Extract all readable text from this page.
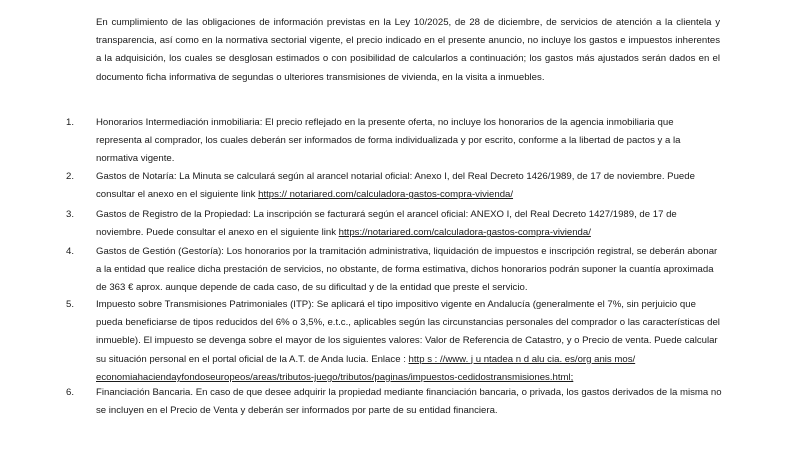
En cumplimiento de las obligaciones de información previstas en la Ley 10/2025, de 28 de diciembre, de servicios de atención a la clientela y transparencia, así como en la normativa sectorial vigente, el precio indicado en el presente anuncio, no incluye los gastos e impuestos inherentes a la adquisición, los cuales se desglosan estimados o con posibilidad de calcularlos a continuación; los gastos más ajustados serán dados en el documento ficha informativa de segundas o ulteriores transmisiones de vivienda, en la visita a inmuebles.

1. Honorarios Intermediación inmobiliaria: El precio reflejado en la presente oferta, no incluye los honorarios de la agencia inmobiliaria que representa al comprador, los cuales deberán ser informados de forma individualizada y por escrito, conforme a la libertad de pactos y a la normativa vigente.

2. Gastos de Notaría: La Minuta se calculará según al arancel notarial oficial: Anexo I, del Real Decreto 1426/1989, de 17 de noviembre. Puede consultar el anexo en el siguiente link https:// notariared.com/calculadora-gastos-compra-vivienda/

3. Gastos de Registro de la Propiedad: La inscripción se facturará según el arancel oficial: ANEXO I, del Real Decreto 1427/1989, de 17 de noviembre. Puede consultar el anexo en el siguiente link https://notariared.com/calculadora-gastos-compra-vivienda/

4. Gastos de Gestión (Gestoría): Los honorarios por la tramitación administrativa, liquidación de impuestos e inscripción registral, se deberán abonar a la entidad que realice dicha prestación de servicios, no obstante, de forma estimativa, dichos honorarios podrán suponer la cuantía aproximada de 363 € aprox. aunque depende de cada caso, de su dificultad y de la entidad que preste el servicio.

5. Impuesto sobre Transmisiones Patrimoniales (ITP): Se aplicará el tipo impositivo vigente en Andalucía (generalmente el 7%, sin perjuicio que pueda beneficiarse de tipos reducidos del 6% o 3,5%, e.t.c., aplicables según las circunstancias personales del comprador o las características del inmueble). El impuesto se devenga sobre el mayor de los siguientes valores: Valor de Referencia de Catastro, y o Precio de venta. Puede calcular su situación personal en el portal oficial de la A.T. de Anda lucia. Enlace : http s : //www. j u ntadea n d alu cia. es/org anis mos/ economiahaciendayfondoseuropeos/areas/tributos-juego/tributos/paginas/impuestos-cedidostransmisiones.html;

6. Financiación Bancaria. En caso de que desee adquirir la propiedad mediante financiación bancaria, o privada, los gastos derivados de la misma no se incluyen en el Precio de Venta y deberán ser informados por parte de su entidad financiera.
